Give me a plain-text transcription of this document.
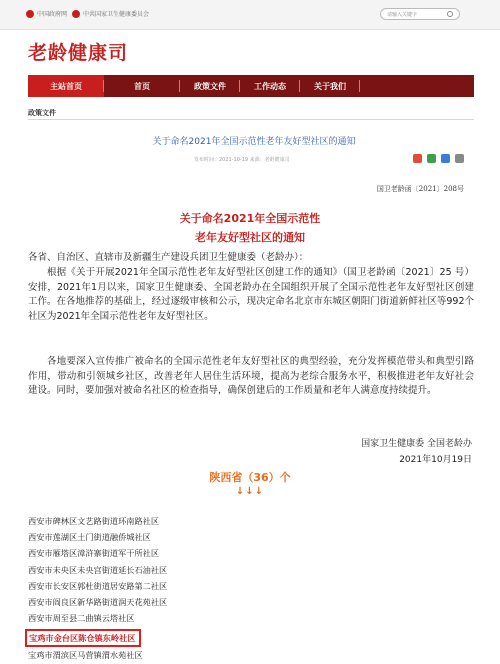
中国政府网	中共国家卫生健康委员会	请输入关键字
老龄健康司
主站首页	首页	政策文件	工作动态	关于我们
政策文件
关于命名2021年全国示范性老年友好型社区的通知
发布时间：2021-10-19 来源：老龄健康司
国卫老龄函〔2021〕208号
关于命名2021年全国示范性
老年友好型社区的通知
各省、自治区、直辖市及新疆生产建设兵团卫生健康委（老龄办）：
根据《关于开展2021年全国示范性老年友好型社区创建工作的通知》（国卫老龄函〔2021〕25 号）安排，2021年1月以来，国家卫生健康委、全国老龄办在全国组织开展了全国示范性老年友好型社区创建工作。在各地推荐的基础上，经过逐级审核和公示，现决定命名北京市东城区朝阳门街道新鲜社区等992个社区为2021年全国示范性老年友好型社区。
各地要深入宣传推广被命名的全国示范性老年友好型社区的典型经验，充分发挥模范带头和典型引路作用，带动和引领城乡社区，改善老年人居住生活环境，提高为老综合服务水平，积极推进老年友好社会建设。同时，要加强对被命名社区的检查指导，确保创建后的工作质量和老年人满意度持续提升。
国家卫生健康委 全国老龄办
2021年10月19日
陕西省（36）个
↓↓↓
西安市碑林区文艺路街道环南路社区
西安市莲湖区土门街道融侨城社区
西安市雁塔区漳浒寨街道军干所社区
西安市未央区未央宫街道延长石油社区
西安市长安区郭杜街道居安路第二社区
西安市阎良区新华路街道润天花苑社区
西安市周至县二曲镇云塔社区
宝鸡市金台区陈仓镇东岭社区
宝鸡市渭滨区马营镇渭水苑社区
